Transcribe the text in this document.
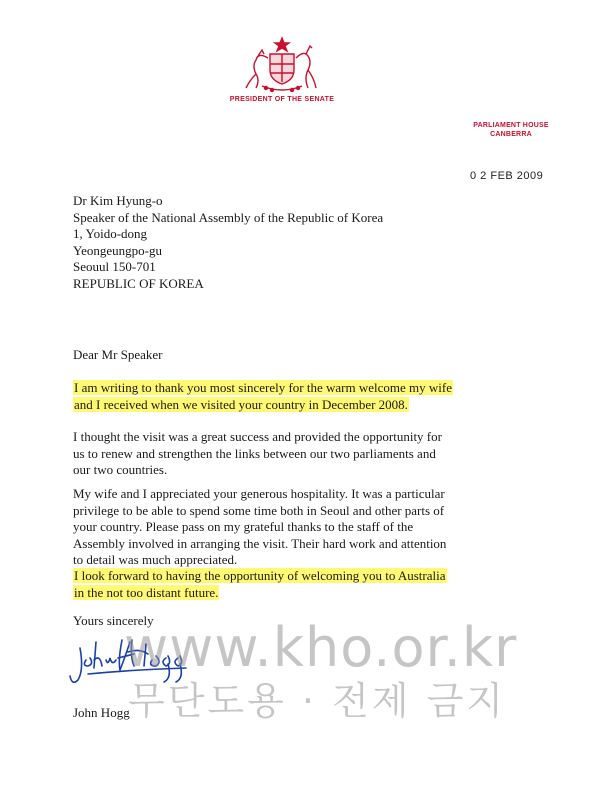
PRESIDENT OF THE SENATE
PARLIAMENT HOUSE
CANBERRA
0 2 FEB 2009
Dr Kim Hyung-o
Speaker of the National Assembly of the Republic of Korea
1, Yoido-dong
Yeongeungpo-gu
Seouul 150-701
REPUBLIC OF KOREA
Dear Mr Speaker
I am writing to thank you most sincerely for the warm welcome my wife
and I received when we visited your country in December 2008.
I thought the visit was a great success and provided the opportunity for
us to renew and strengthen the links between our two parliaments and
our two countries.
My wife and I appreciated your generous hospitality. It was a particular
privilege to be able to spend some time both in Seoul and other parts of
your country. Please pass on my grateful thanks to the staff of the
Assembly involved in arranging the visit. Their hard work and attention
to detail was much appreciated.
I look forward to having the opportunity of welcoming you to Australia
in the not too distant future.
Yours sincerely
John Hogg
www.kho.or.kr
무단도용 · 전제 금지
